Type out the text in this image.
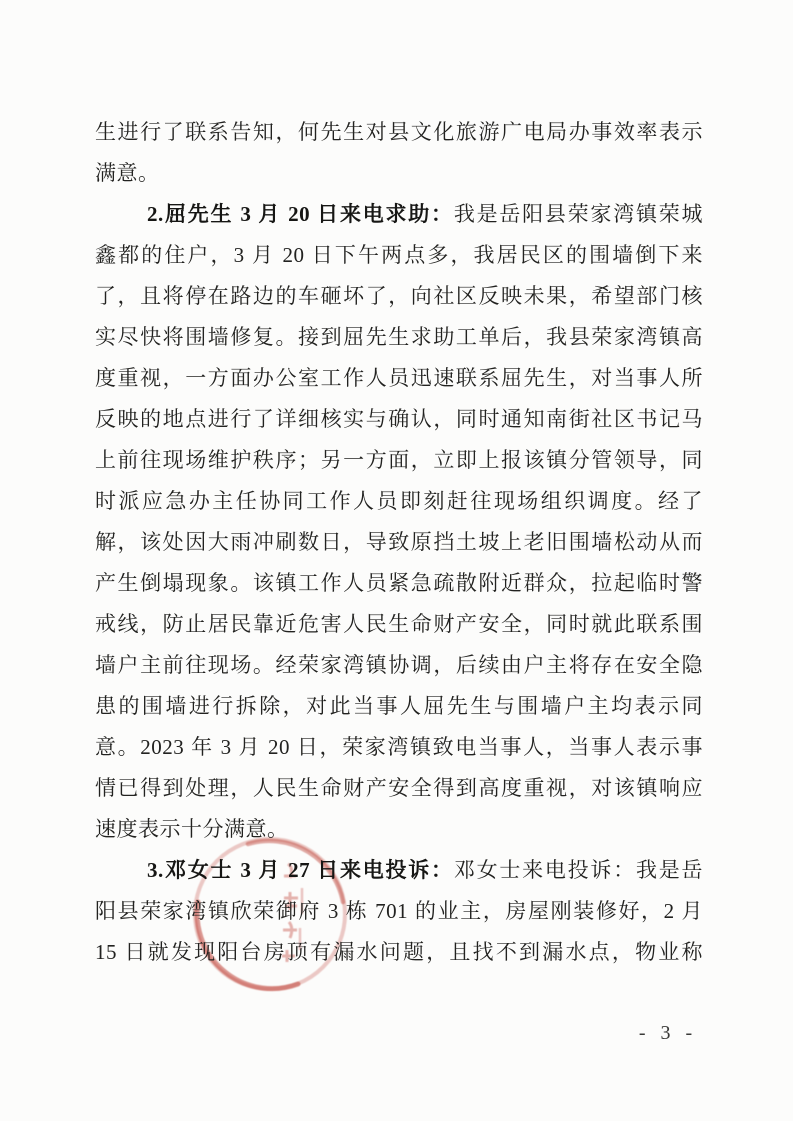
生进行了联系告知，何先生对县文化旅游广电局办事效率表示
满意。
2.屈先生 3 月 20 日来电求助：我是岳阳县荣家湾镇荣城
鑫都的住户，3 月 20 日下午两点多，我居民区的围墙倒下来
了，且将停在路边的车砸坏了，向社区反映未果，希望部门核
实尽快将围墙修复。接到屈先生求助工单后，我县荣家湾镇高
度重视，一方面办公室工作人员迅速联系屈先生，对当事人所
反映的地点进行了详细核实与确认，同时通知南街社区书记马
上前往现场维护秩序；另一方面，立即上报该镇分管领导，同
时派应急办主任协同工作人员即刻赶往现场组织调度。经了
解，该处因大雨冲刷数日，导致原挡土坡上老旧围墙松动从而
产生倒塌现象。该镇工作人员紧急疏散附近群众，拉起临时警
戒线，防止居民靠近危害人民生命财产安全，同时就此联系围
墙户主前往现场。经荣家湾镇协调，后续由户主将存在安全隐
患的围墙进行拆除，对此当事人屈先生与围墙户主均表示同
意。2023 年 3 月 20 日，荣家湾镇致电当事人，当事人表示事
情已得到处理，人民生命财产安全得到高度重视，对该镇响应
速度表示十分满意。
3.邓女士 3 月 27 日来电投诉：邓女士来电投诉：我是岳
阳县荣家湾镇欣荣御府 3 栋 701 的业主，房屋刚装修好，2 月
15 日就发现阳台房顶有漏水问题，且找不到漏水点，物业称
- 3 -
